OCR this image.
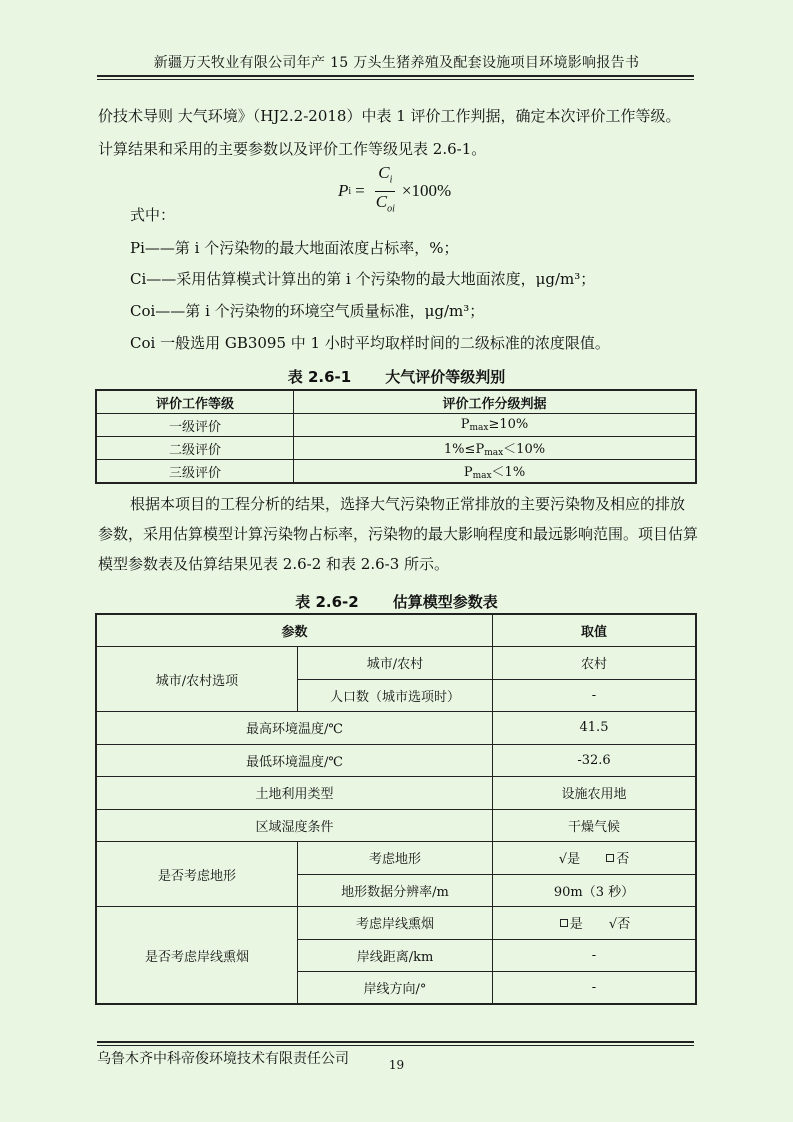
新疆万天牧业有限公司年产 15 万头生猪养殖及配套设施项目环境影响报告书

价技术导则 大气环境》（HJ2.2-2018）中表 1 评价工作判据，确定本次评价工作等级。

计算结果和采用的主要参数以及评价工作等级见表 2.6-1。

P $i = \frac{C_i}{C_{oi}} \times 100\%$

式中：

Pi——第 i 个污染物的最大地面浓度占标率，%；

Ci——采用估算模式计算出的第 i 个污染物的最大地面浓度，μg/m³；

Coi——第 i 个污染物的环境空气质量标准，μg/m³；

Coi 一般选用 GB3095 中 1 小时平均取样时间的二级标准的浓度限值。

表 2.6-1 大气评价等级判别
评价工作等级	评价工作分级判据
一级评价	$P_{max}\ge 10\%$
二级评价	$1\%\le P_{max}<10\%$
三级评价	$P_{max}<1\%$

根据本项目的工程分析的结果，选择大气污染物正常排放的主要污染物及相应的排放参数，采用估算模型计算污染物占标率，污染物的最大影响程度和最远影响范围。项目估算模型参数表及估算结果见表 2.6-2 和表 2.6-3 所示。

表 2.6-2 估算模型参数表
参数		取值
城市/农村选项	城市/农村	农村
	人口数（城市选项时）	-
最高环境温度/℃		41.5
最低环境温度/℃		-32.6
土地利用类型		设施农用地
区域湿度条件		干燥气候
是否考虑地形	考虑地形	√是 否
	地形数据分辨率/m	90m（3 秒）
是否考虑岸线熏烟	考虑岸线熏烟	是 √否
	岸线距离/km	-
	岸线方向/°	-
乌鲁木齐中科帝俊环境技术有限责任公司	19
